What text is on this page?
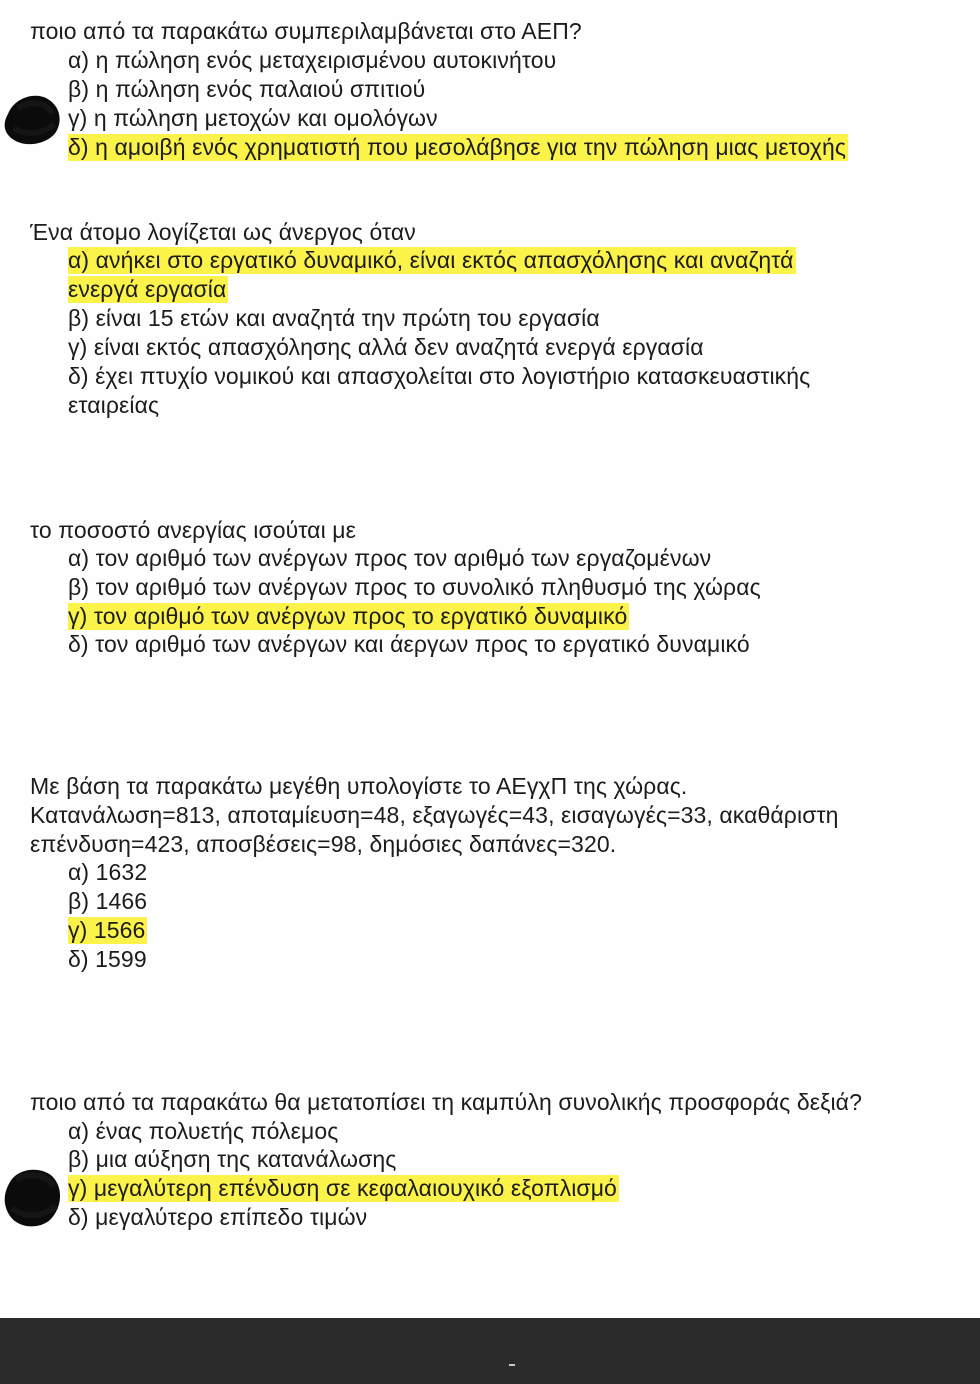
ποιο από τα παρακάτω συμπεριλαμβάνεται στο ΑΕΠ?
α) η πώληση ενός μεταχειρισμένου αυτοκινήτου
β) η πώληση ενός παλαιού σπιτιού
γ) η πώληση μετοχών και ομολόγων
δ) η αμοιβή ενός χρηματιστή που μεσολάβησε για την πώληση μιας μετοχής
Ένα άτομο λογίζεται ως άνεργος όταν
α) ανήκει στο εργατικό δυναμικό, είναι εκτός απασχόλησης και αναζητά
ενεργά εργασία
β) είναι 15 ετών και αναζητά την πρώτη του εργασία
γ) είναι εκτός απασχόλησης αλλά δεν αναζητά ενεργά εργασία
δ) έχει πτυχίο νομικού και απασχολείται στο λογιστήριο κατασκευαστικής
εταιρείας
το ποσοστό ανεργίας ισούται με
α) τον αριθμό των ανέργων προς τον αριθμό των εργαζομένων
β) τον αριθμό των ανέργων προς το συνολικό πληθυσμό της χώρας
γ) τον αριθμό των ανέργων προς το εργατικό δυναμικό
δ) τον αριθμό των ανέργων και άεργων προς το εργατικό δυναμικό
Με βάση τα παρακάτω μεγέθη υπολογίστε το ΑΕγχΠ της χώρας.
Κατανάλωση=813, αποταμίευση=48, εξαγωγές=43, εισαγωγές=33, ακαθάριστη
επένδυση=423, αποσβέσεις=98, δημόσιες δαπάνες=320.
α) 1632
β) 1466
γ) 1566
δ) 1599
ποιο από τα παρακάτω θα μετατοπίσει τη καμπύλη συνολικής προσφοράς δεξιά?
α) ένας πολυετής πόλεμος
β) μια αύξηση της κατανάλωσης
γ) μεγαλύτερη επένδυση σε κεφαλαιουχικό εξοπλισμό
δ) μεγαλύτερο επίπεδο τιμών
